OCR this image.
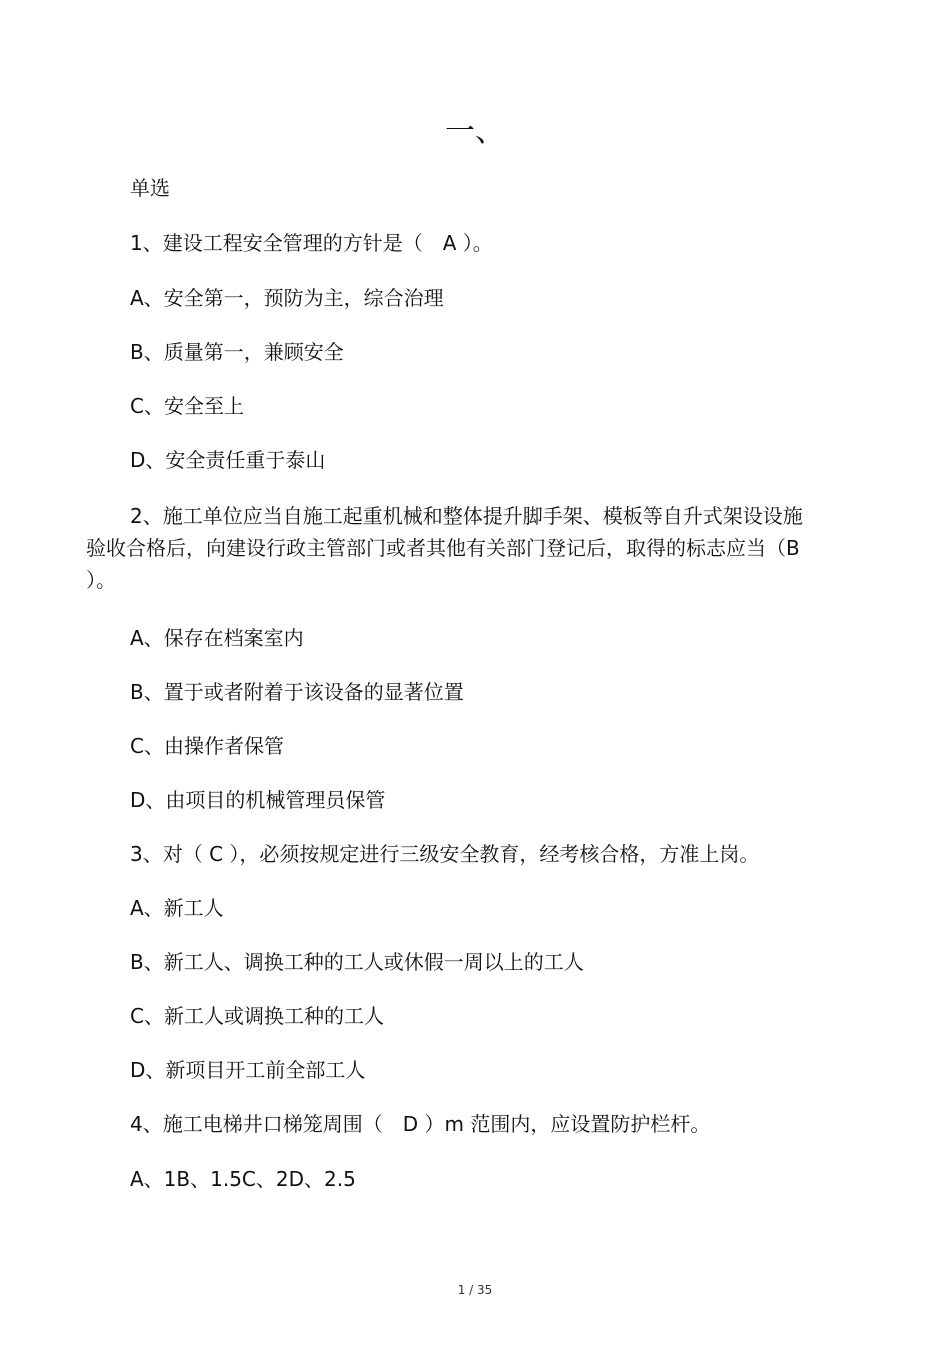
一、
单选
1、建设工程安全管理的方针是（　A ）。
A、安全第一，预防为主，综合治理
B、质量第一，兼顾安全
C、安全至上
D、安全责任重于泰山
2、施工单位应当自施工起重机械和整体提升脚手架、模板等自升式架设设施验收合格后，向建设行政主管部门或者其他有关部门登记后，取得的标志应当（B ）。
A、保存在档案室内
B、置于或者附着于该设备的显著位置
C、由操作者保管
D、由项目的机械管理员保管
3、对（ C ），必须按规定进行三级安全教育，经考核合格，方准上岗。
A、新工人
B、新工人、调换工种的工人或休假一周以上的工人
C、新工人或调换工种的工人
D、新项目开工前全部工人
4、施工电梯井口梯笼周围（　D ）m 范围内，应设置防护栏杆。
A、1B、1.5C、2D、2.5
1 / 35
